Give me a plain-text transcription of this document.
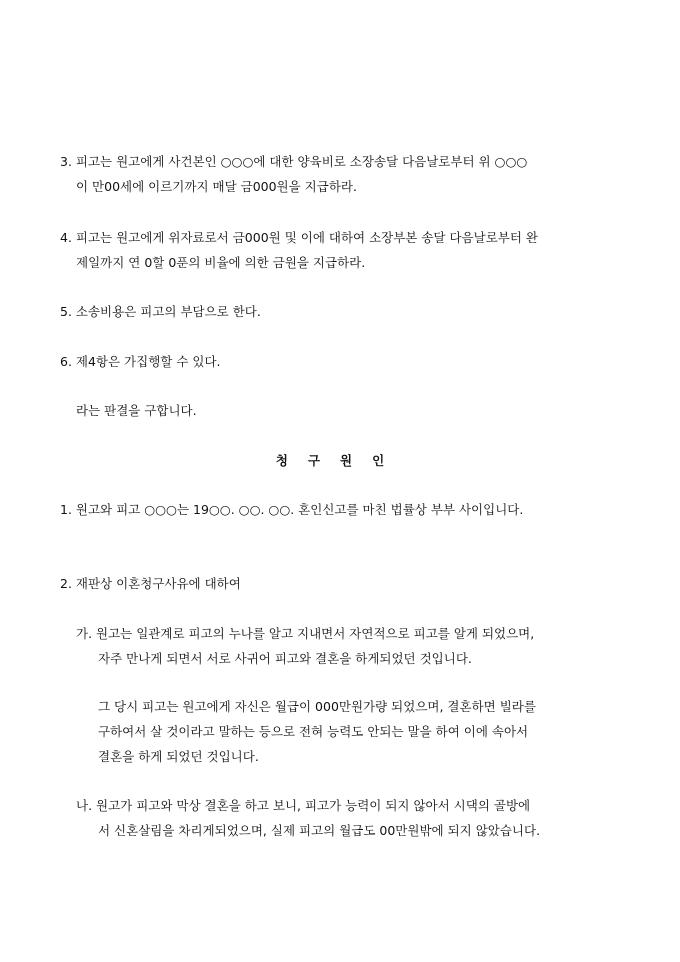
3. 피고는 원고에게 사건본인 ○○○에 대한 양육비로 소장송달 다음날로부터 위 ○○○
이 만00세에 이르기까지 매달 금000원을 지급하라.
4. 피고는 원고에게 위자료로서 금000원 및 이에 대하여 소장부본 송달 다음날로부터 완
제일까지 연 0할 0푼의 비율에 의한 금원을 지급하라.
5. 소송비용은 피고의 부담으로 한다.
6. 제4항은 가집행할 수 있다.
라는 판결을 구합니다.
청구원인
1. 원고와 피고 ○○○는 19○○. ○○. ○○. 혼인신고를 마친 법률상 부부 사이입니다.
2. 재판상 이혼청구사유에 대하여
가. 원고는 일관계로 피고의 누나를 알고 지내면서 자연적으로 피고를 알게 되었으며,
자주 만나게 되면서 서로 사귀어 피고와 결혼을 하게되었던 것입니다.
그 당시 피고는 원고에게 자신은 월급이 000만원가량 되었으며, 결혼하면 빌라를
구하여서 살 것이라고 말하는 등으로 전혀 능력도 안되는 말을 하여 이에 속아서
결혼을 하게 되었던 것입니다.
나. 원고가 피고와 막상 결혼을 하고 보니, 피고가 능력이 되지 않아서 시댁의 골방에
서 신혼살림을 차리게되었으며, 실제 피고의 월급도 00만원밖에 되지 않았습니다.
